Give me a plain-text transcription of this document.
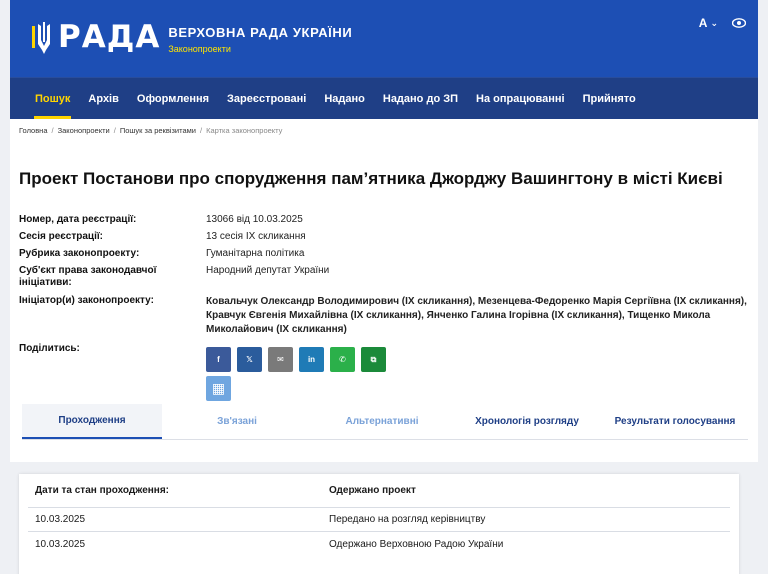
РАДА ВЕРХОВНА РАДА УКРАЇНИ
Законопроекти
A ⌄
Пошук	Архів	Оформлення	Зареєстровані	Надано	Надано до ЗП	На опрацюванні	Прийнято
Головна / Законопроекти / Пошук за реквізитами / Картка законопроекту
Проект Постанови про спорудження пам’ятника Джорджу Вашингтону в місті Києві
Номер, дата реєстрації:	13066 від 10.03.2025
Сесія реєстрації:	13 сесія IX скликання
Рубрика законопроекту:	Гуманітарна політика
Суб'єкт права законодавчої ініціативи:
Народний депутат України
Ініціатор(и) законопроекту:	Ковальчук Олександр Володимирович (IX скликання), Мезенцева-Федоренко Марія Сергіївна (IX скликання), Кравчук Євгенія Михайлівна (IX скликання), Янченко Галина Ігорівна (IX скликання), Тищенко Микола Миколайович (IX скликання)
Поділитись:
f	𝕏	✉	in	✆	⧉
▦
Проходження	Зв'язані	Альтернативні	Хронологія розгляду	Результати голосування
Дати та стан проходження:	Одержано проект
10.03.2025	Передано на розгляд керівництву
10.03.2025	Одержано Верховною Радою України
